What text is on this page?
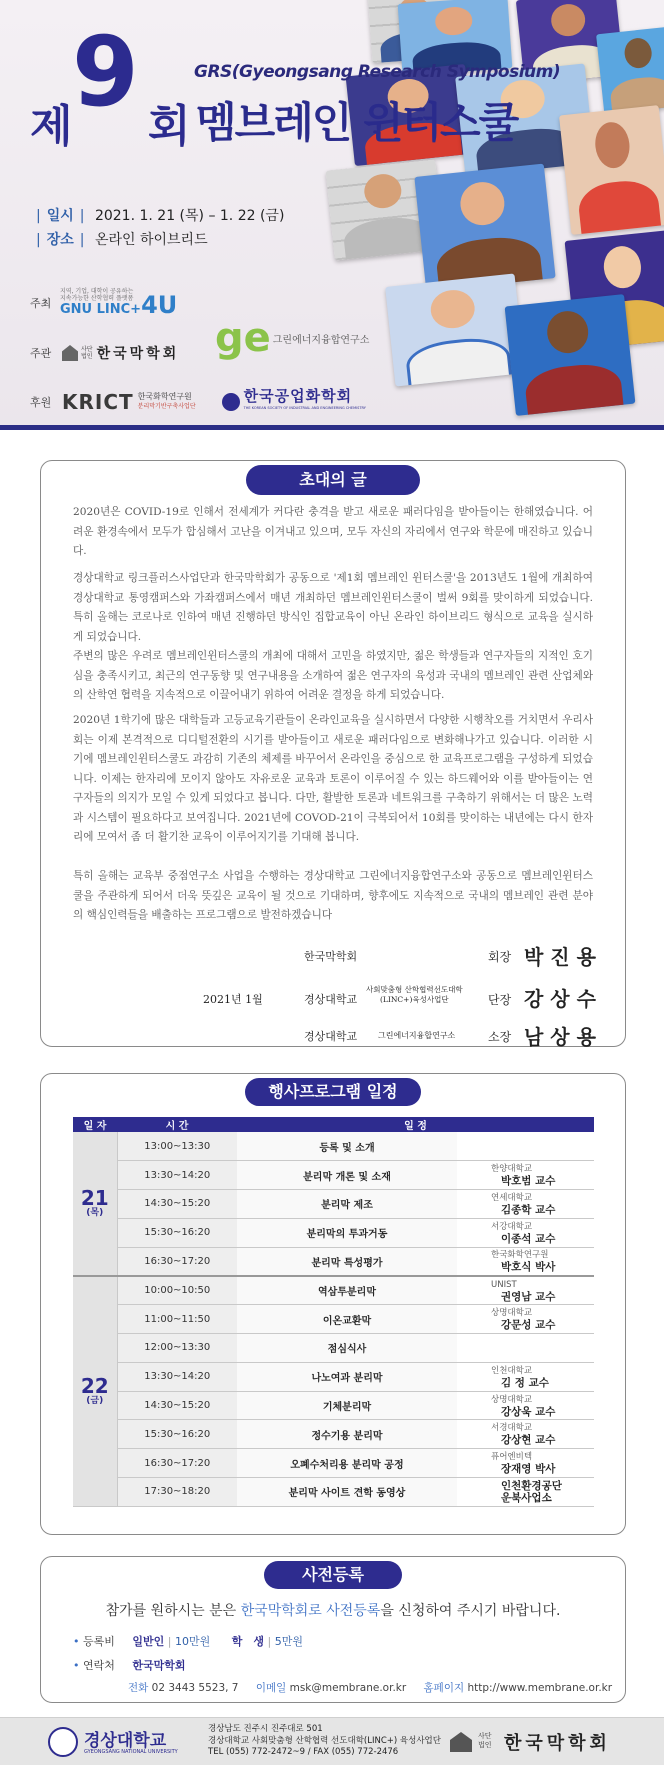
제 9 회
GRS(Gyeongsang Research Symposium)
멤브레인 윈터스쿨
| 일시 | 2021. 1. 21 (목) – 1. 22 (금)
| 장소 | 온라인 하이브리드
주최
지역, 기업, 대학이 공유하는
지속가능한 산학협력 플랫폼
GNU LINC+4U
주관	사단
법인 한국막학회 ge 그린에너지융합연구소
후원 KRICT 한국화학연구원
분리막기반구축사업단
한국공업화학회
THE KOREAN SOCIETY OF INDUSTRIAL AND ENGINEERING CHEMISTRY
초대의 글
2020년은 COVID-19로 인해서 전세계가 커다란 충격을 받고 새로운 패러다임을 받아들이는 한해였습니다. 어려운 환경속에서 모두가 합심해서 고난을 이겨내고 있으며, 모두 자신의 자리에서 연구와 학문에 매진하고 있습니다.
경상대학교 링크플러스사업단과 한국막학회가 공동으로 '제1회 멤브레인 윈터스쿨'을 2013년도 1월에 개최하여 경상대학교 통영캠퍼스와 가좌캠퍼스에서 매년 개최하던 멤브레인윈터스쿨이 벌써 9회를 맞이하게 되었습니다. 특히 올해는 코로나로 인하여 매년 진행하던 방식인 집합교육이 아닌 온라인 하이브리드 형식으로 교육을 실시하게 되었습니다.
주변의 많은 우려로 멤브레인윈터스쿨의 개최에 대해서 고민을 하였지만, 젊은 학생들과 연구자들의 지적인 호기심을 충족시키고, 최근의 연구동향 및 연구내용을 소개하여 젊은 연구자의 육성과 국내의 멤브레인 관련 산업체와의 산학연 협력을 지속적으로 이끌어내기 위하여 어려운 결정을 하게 되었습니다.
2020년 1학기에 많은 대학들과 고등교육기관들이 온라인교육을 실시하면서 다양한 시행착오를 거치면서 우리사회는 이제 본격적으로 디디털전환의 시기를 받아들이고 새로운 패러다임으로 변화해나가고 있습니다. 이러한 시기에 멤브레인윈터스쿨도 과감히 기존의 체제를 바꾸어서 온라인을 중심으로 한 교육프로그램을 구성하게 되었습니다. 이제는 한자리에 모이지 않아도 자유로운 교육과 토론이 이루어질 수 있는 하드웨어와 이를 받아들이는 연구자들의 의지가 모일 수 있게 되었다고 봅니다. 다만, 활발한 토론과 네트워크를 구축하기 위해서는 더 많은 노력과 시스템이 필요하다고 보여집니다. 2021년에 COVOD-21이 극복되어서 10회를 맞이하는 내년에는 다시 한자리에 모여서 좀 더 활기찬 교육이 이루어지기를 기대해 봅니다.
특히 올해는 교육부 중점연구소 사업을 수행하는 경상대학교 그린에너지융합연구소와 공동으로 멤브레인윈터스쿨을 주관하게 되어서 더욱 뜻깊은 교육이 될 것으로 기대하며, 향후에도 지속적으로 국내의 멤브레인 관련 분야의 핵심인력들을 배출하는 프로그램으로 발전하겠습니다
2021년 1월
한국막학회	회장 박 진 용
경상대학교
사회맞춤형 산학협력선도대학
(LINC+)육성사업단	단장 강 상 수
경상대학교	그린에너지융합연구소	소장 남 상 용
행사프로그램 일정
일 자	시 간	일 정	

21
(목)	13:00~13:30	등록 및 소개	

	13:30~14:20	분리막 개론 및 소재	한양대학교
박호범 교수

	14:30~15:20	분리막 제조	연세대학교
김종학 교수

	15:30~16:20	분리막의 투과거동	서강대학교
이종석 교수

	16:30~17:20	분리막 특성평가	한국화학연구원
박호식 박사

22
(금)	10:00~10:50	역삼투분리막	UNIST
권영남 교수

	11:00~11:50	이온교환막	상명대학교
강문성 교수

	12:00~13:30	점심식사	

	13:30~14:20	나노여과 분리막	인천대학교
김 정 교수

	14:30~15:20	기체분리막	상명대학교
강상욱 교수

	15:30~16:20	정수기용 분리막	서경대학교
강상현 교수

	16:30~17:20	오폐수처리용 분리막 공정	퓨어엔비텍
장재영 박사

	17:30~18:20	분리막 사이트 견학 동영상	인천환경공단
운북사업소
사전등록
참가를 원하시는 분은 한국막학회로 사전등록을 신청하여 주시기 바랍니다.
• 등록비 일반인 | 10만원 학　생 | 5만원
• 연락처 한국막학회
전화 02 3443 5523, 7 이메일 msk@membrane.or.kr 홈페이지 http://www.membrane.or.kr
경상대학교
GYEONGSANG NATIONAL UNIVERSITY
경상남도 진주시 진주대로 501
경상대학교 사회맞춤형 산학협력 선도대학(LINC+) 육성사업단
TEL (055) 772-2472~9 / FAX (055) 772-2476
사단
법인 한국막학회
